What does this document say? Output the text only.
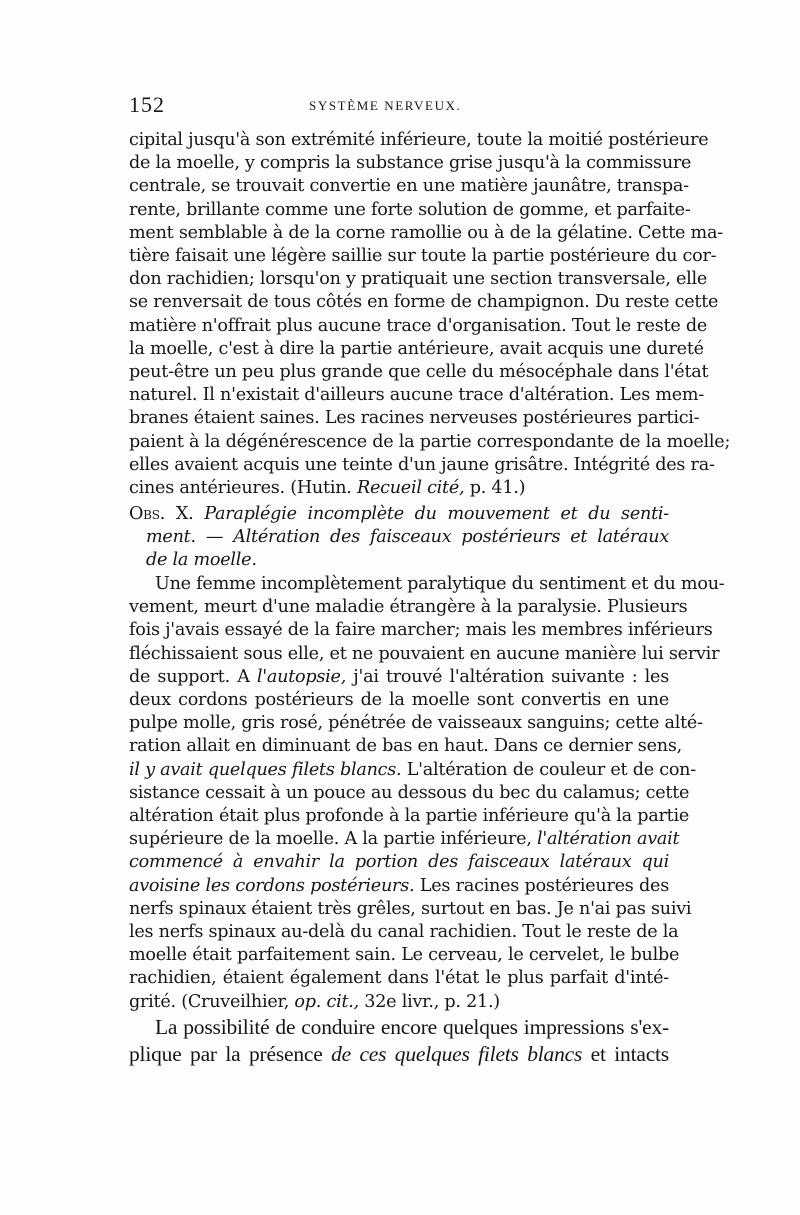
152	SYSTÈME NERVEUX.
cipital jusqu'à son extrémité inférieure, toute la moitié postérieure
de la moelle, y compris la substance grise jusqu'à la commissure
centrale, se trouvait convertie en une matière jaunâtre, transpa-
rente, brillante comme une forte solution de gomme, et parfaite-
ment semblable à de la corne ramollie ou à de la gélatine. Cette ma-
tière faisait une légère saillie sur toute la partie postérieure du cor-
don rachidien; lorsqu'on y pratiquait une section transversale, elle
se renversait de tous côtés en forme de champignon. Du reste cette
matière n'offrait plus aucune trace d'organisation. Tout le reste de
la moelle, c'est à dire la partie antérieure, avait acquis une dureté
peut-être un peu plus grande que celle du mésocéphale dans l'état
naturel. Il n'existait d'ailleurs aucune trace d'altération. Les mem-
branes étaient saines. Les racines nerveuses postérieures partici-
paient à la dégénérescence de la partie correspondante de la moelle;
elles avaient acquis une teinte d'un jaune grisâtre. Intégrité des ra-
cines antérieures. (Hutin. Recueil cité, p. 41.)
Obs. X. Paraplégie incomplète du mouvement et du senti-
ment. — Altération des faisceaux postérieurs et latéraux
de la moelle.
Une femme incomplètement paralytique du sentiment et du mou-
vement, meurt d'une maladie étrangère à la paralysie. Plusieurs
fois j'avais essayé de la faire marcher; mais les membres inférieurs
fléchissaient sous elle, et ne pouvaient en aucune manière lui servir
de support. A l'autopsie, j'ai trouvé l'altération suivante : les
deux cordons postérieurs de la moelle sont convertis en une
pulpe molle, gris rosé, pénétrée de vaisseaux sanguins; cette alté-
ration allait en diminuant de bas en haut. Dans ce dernier sens,
il y avait quelques filets blancs. L'altération de couleur et de con-
sistance cessait à un pouce au dessous du bec du calamus; cette
altération était plus profonde à la partie inférieure qu'à la partie
supérieure de la moelle. A la partie inférieure, l'altération avait
commencé à envahir la portion des faisceaux latéraux qui
avoisine les cordons postérieurs. Les racines postérieures des
nerfs spinaux étaient très grêles, surtout en bas. Je n'ai pas suivi
les nerfs spinaux au-delà du canal rachidien. Tout le reste de la
moelle était parfaitement sain. Le cerveau, le cervelet, le bulbe
rachidien, étaient également dans l'état le plus parfait d'inté-
grité. (Cruveilhier, op. cit., 32e livr., p. 21.)
La possibilité de conduire encore quelques impressions s'ex-
plique par la présence de ces quelques filets blancs et intacts
